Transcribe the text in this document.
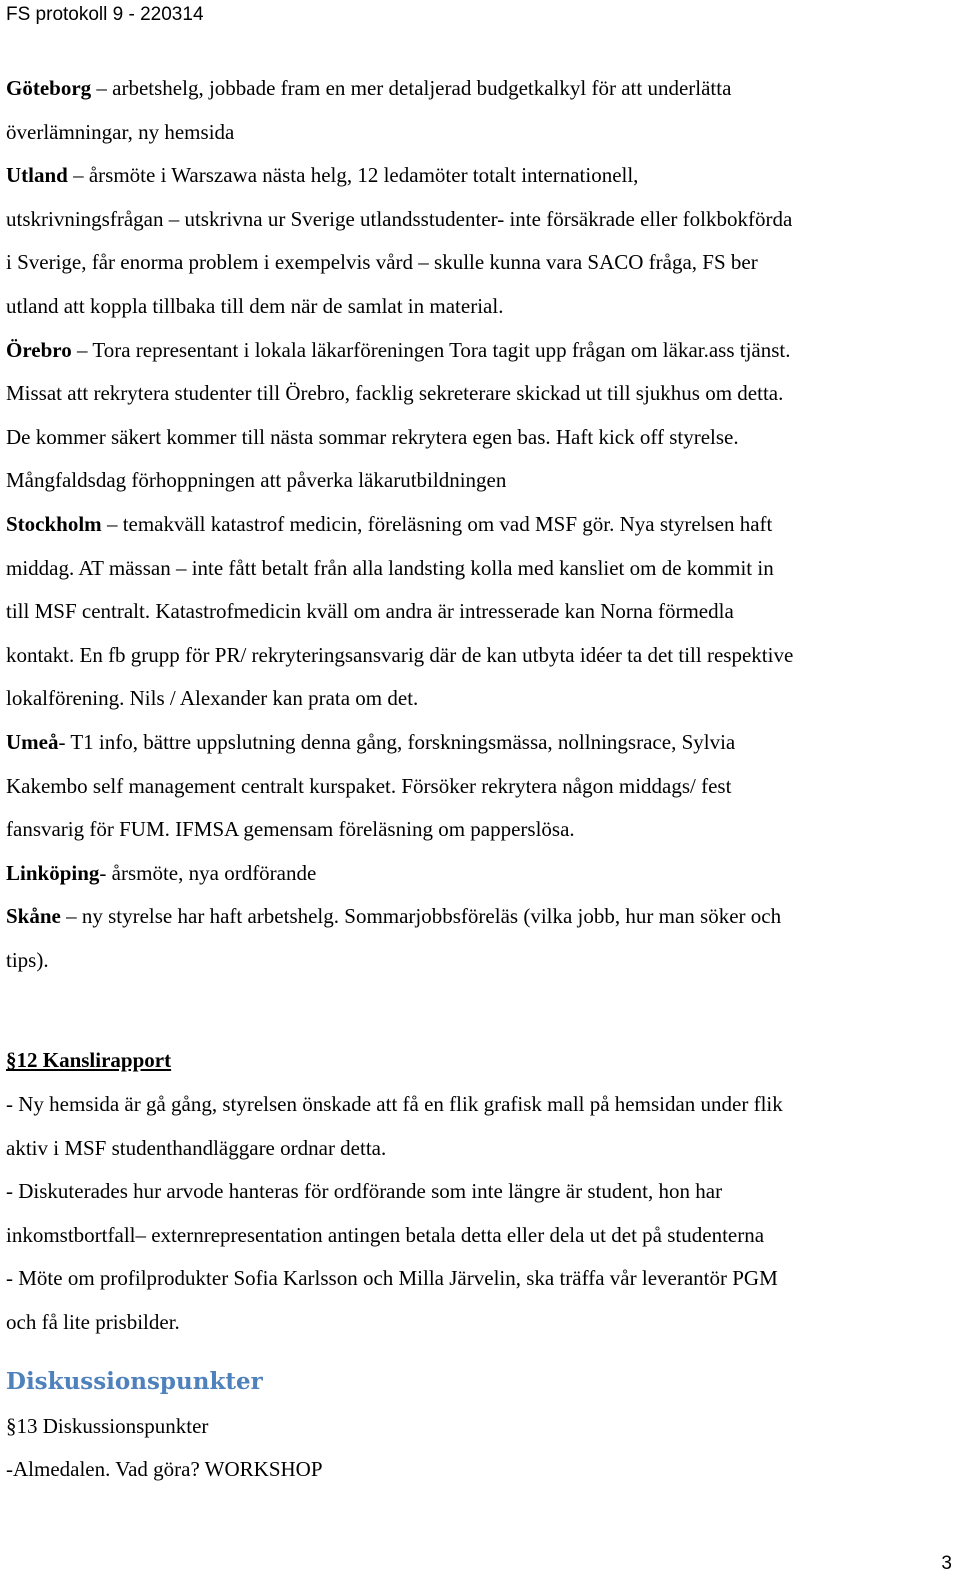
FS protokoll 9 - 220314
Göteborg – arbetshelg, jobbade fram en mer detaljerad budgetkalkyl för att underlätta
överlämningar, ny hemsida
Utland – årsmöte i Warszawa nästa helg, 12 ledamöter totalt internationell,
utskrivningsfrågan – utskrivna ur Sverige utlandsstudenter- inte försäkrade eller folkbokförda
i Sverige, får enorma problem i exempelvis vård – skulle kunna vara SACO fråga, FS ber
utland att koppla tillbaka till dem när de samlat in material.
Örebro – Tora representant i lokala läkarföreningen Tora tagit upp frågan om läkar.ass tjänst.
Missat att rekrytera studenter till Örebro, facklig sekreterare skickad ut till sjukhus om detta.
De kommer säkert kommer till nästa sommar rekrytera egen bas. Haft kick off styrelse.
Mångfaldsdag förhoppningen att påverka läkarutbildningen
Stockholm – temakväll katastrof medicin, föreläsning om vad MSF gör. Nya styrelsen haft
middag. AT mässan – inte fått betalt från alla landsting kolla med kansliet om de kommit in
till MSF centralt. Katastrofmedicin kväll om andra är intresserade kan Norna förmedla
kontakt. En fb grupp för PR/ rekryteringsansvarig där de kan utbyta idéer ta det till respektive
lokalförening. Nils / Alexander kan prata om det.
Umeå- T1 info, bättre uppslutning denna gång, forskningsmässa, nollningsrace, Sylvia
Kakembo self management centralt kurspaket. Försöker rekrytera någon middags/ fest
fansvarig för FUM. IFMSA gemensam föreläsning om papperslösa.
Linköping- årsmöte, nya ordförande
Skåne – ny styrelse har haft arbetshelg. Sommarjobbsföreläs (vilka jobb, hur man söker och
tips).
§12 Kanslirapport
- Ny hemsida är gå gång, styrelsen önskade att få en flik grafisk mall på hemsidan under flik
aktiv i MSF studenthandläggare ordnar detta.
- Diskuterades hur arvode hanteras för ordförande som inte längre är student, hon har
inkomstbortfall– externrepresentation antingen betala detta eller dela ut det på studenterna
- Möte om profilprodukter Sofia Karlsson och Milla Järvelin, ska träffa vår leverantör PGM
och få lite prisbilder.
Diskussionspunkter
§13 Diskussionspunkter
-Almedalen. Vad göra? WORKSHOP
3
